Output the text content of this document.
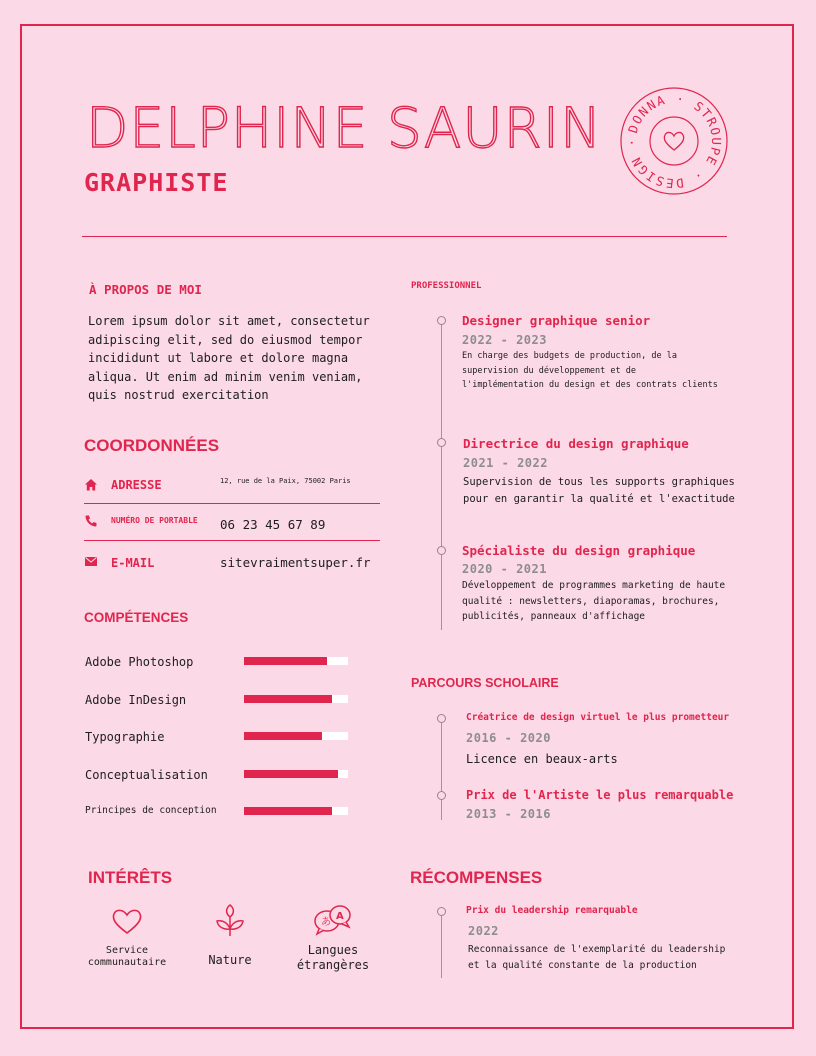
DELPHINE SAURIN
GRAPHISTE
DONNA · STROUPE · DESIGN ·
À PROPOS DE MOI
Lorem ipsum dolor sit amet, consectetur adipiscing elit, sed do eiusmod tempor incididunt ut labore et dolore magna aliqua. Ut enim ad minim venim veniam, quis nostrud exercitation
COORDONNÉES
ADRESSE	12, rue de la Paix, 75002 Paris
NUMÉRO DE PORTABLE 06 23 45 67 89
E-MAIL	sitevraimentsuper.fr
COMPÉTENCES
Adobe Photoshop
Adobe InDesign
Typographie
Conceptualisation
Principes de conception
INTÉRÊTS
Service communautaire	Nature
あ
A
Langues étrangères
PROFESSIONNEL
Designer graphique senior
2022 - 2023
En charge des budgets de production, de la supervision du développement et de l'implémentation du design et des contrats clients
Directrice du design graphique
2021 - 2022
Supervision de tous les supports graphiques pour en garantir la qualité et l'exactitude
Spécialiste du design graphique
2020 - 2021
Développement de programmes marketing de haute qualité : newsletters, diaporamas, brochures, publicités, panneaux d'affichage
PARCOURS SCHOLAIRE
Créatrice de design virtuel le plus prometteur
2016 - 2020
Licence en beaux-arts
Prix de l'Artiste le plus remarquable
2013 - 2016
RÉCOMPENSES
Prix du leadership remarquable
2022
Reconnaissance de l'exemplarité du leadership et la qualité constante de la production
